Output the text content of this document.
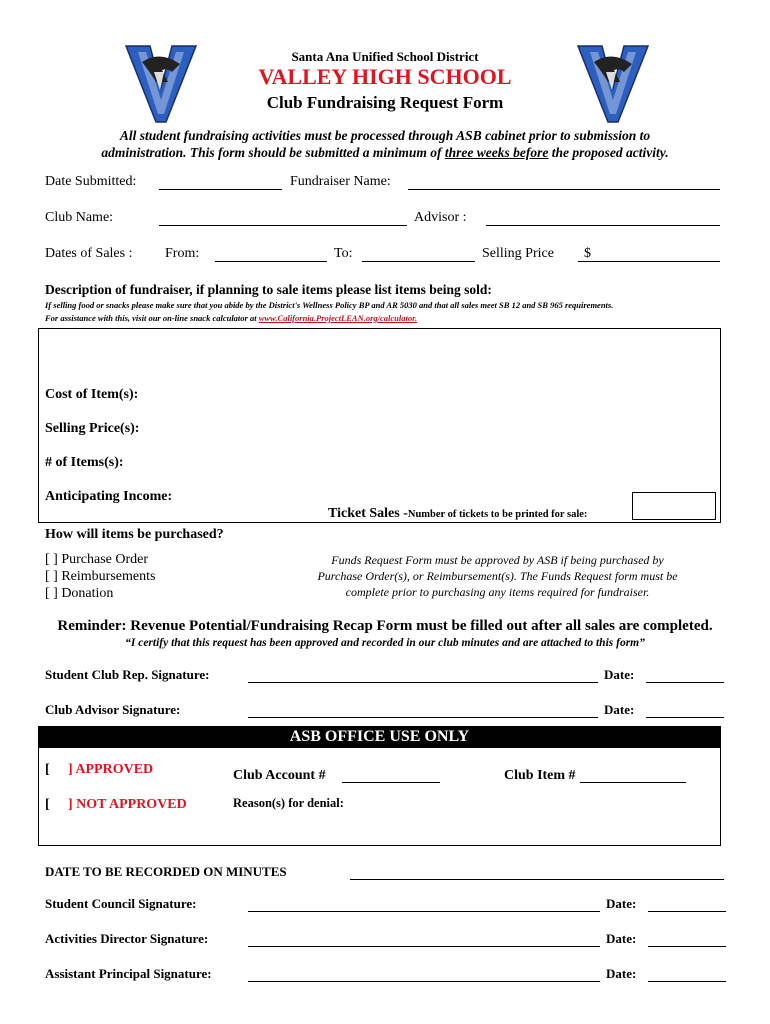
Santa Ana Unified School District
VALLEY HIGH SCHOOL
Club Fundraising Request Form
All student fundraising activities must be processed through ASB cabinet prior to submission to
administration. This form should be submitted a minimum of three weeks before the proposed activity.
Date Submitted:	Fundraiser Name:
Club Name:	Advisor :
Dates of Sales : From:	To:	Selling Price $
Description of fundraiser, if planning to sale items please list items being sold:
If selling food or snacks please make sure that you abide by the District's Wellness Policy BP and AR 5030 and that all sales meet SB 12 and SB 965 requirements.
For assistance with this, visit our on-line snack calculator at www.California.ProjectLEAN.org/calculator.
Cost of Item(s):
Selling Price(s):
# of Items(s):
Anticipating Income:
Ticket Sales -Number of tickets to be printed for sale:
How will items be purchased?
[ ] Purchase Order
[ ] Reimbursements
[ ] Donation
Funds Request Form must be approved by ASB if being purchased by
Purchase Order(s), or Reimbursement(s). The Funds Request form must be
complete prior to purchasing any items required for fundraiser.
Reminder: Revenue Potential/Fundraising Recap Form must be filled out after all sales are completed.
“I certify that this request has been approved and recorded in our club minutes and are attached to this form”
Student Club Rep. Signature:	Date:
Club Advisor Signature:	Date:
ASB OFFICE USE ONLY
[ ] APPROVED	Club Account #	Club Item #
[ ] NOT APPROVED	Reason(s) for denial:
DATE TO BE RECORDED ON MINUTES
Student Council Signature:	Date:
Activities Director Signature:	Date:
Assistant Principal Signature:	Date:
